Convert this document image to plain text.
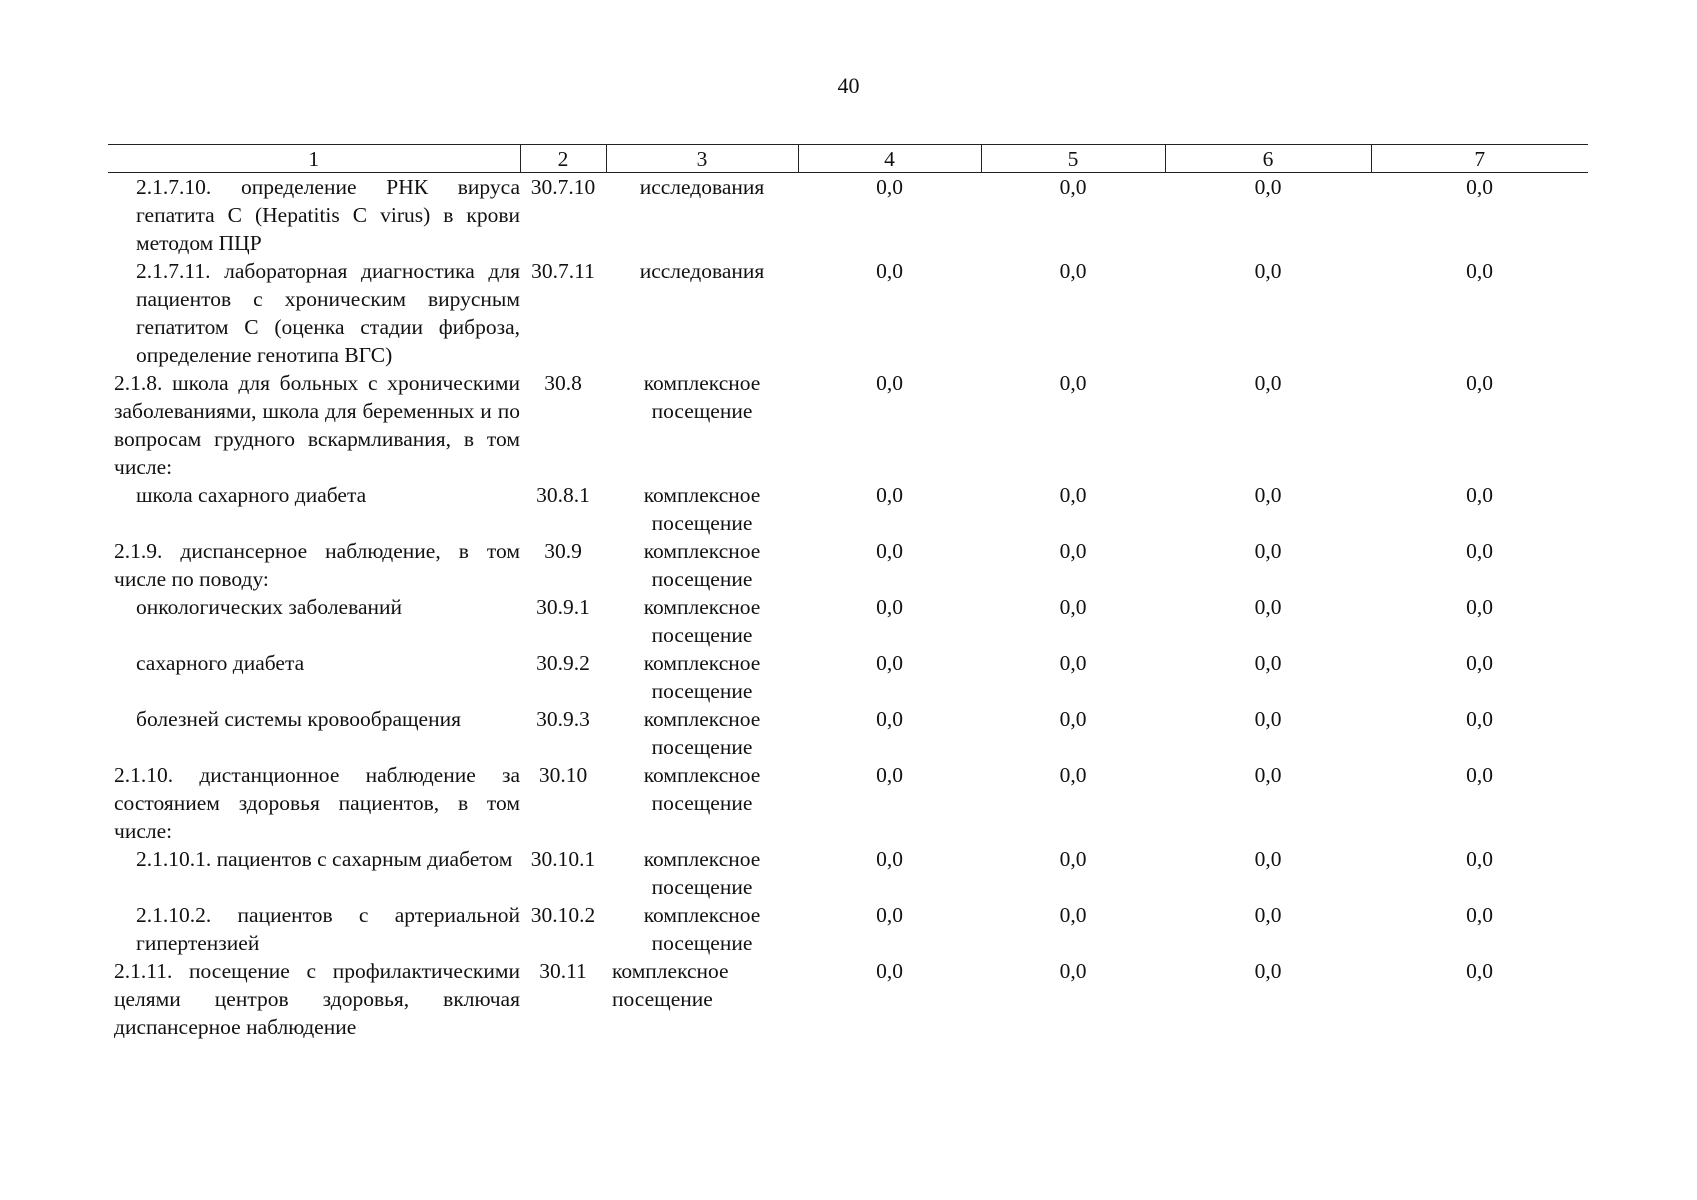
40
1	2	3	4	5	6	7
2.1.7.10. определение РНК вируса гепатита С (Hepatitis C virus) в крови методом ПЦР	30.7.10	исследования	0,0	0,0	0,0	0,0
2.1.7.11. лабораторная диагностика для пациентов с хроническим вирусным гепатитом С (оценка стадии фиброза, определение генотипа ВГС)	30.7.11	исследования	0,0	0,0	0,0	0,0
2.1.8. школа для больных с хроническими заболеваниями, школа для беременных и по вопросам грудного вскармливания, в том числе:	30.8	комплексное посещение	0,0	0,0	0,0	0,0
школа сахарного диабета	30.8.1	комплексное посещение	0,0	0,0	0,0	0,0
2.1.9. диспансерное наблюдение, в том числе по поводу:	30.9	комплексное посещение	0,0	0,0	0,0	0,0
онкологических заболеваний	30.9.1	комплексное посещение	0,0	0,0	0,0	0,0
сахарного диабета	30.9.2	комплексное посещение	0,0	0,0	0,0	0,0
болезней системы кровообращения	30.9.3	комплексное посещение	0,0	0,0	0,0	0,0
2.1.10. дистанционное наблюдение за состоянием здоровья пациентов, в том числе:	30.10	комплексное посещение	0,0	0,0	0,0	0,0
2.1.10.1. пациентов с сахарным диабетом	30.10.1	комплексное посещение	0,0	0,0	0,0	0,0
2.1.10.2. пациентов с артериальной гипертензией	30.10.2	комплексное посещение	0,0	0,0	0,0	0,0
2.1.11. посещение с профилактическими целями центров здоровья, включая диспансерное наблюдение	30.11	комплексное посещение	0,0	0,0	0,0	0,0
